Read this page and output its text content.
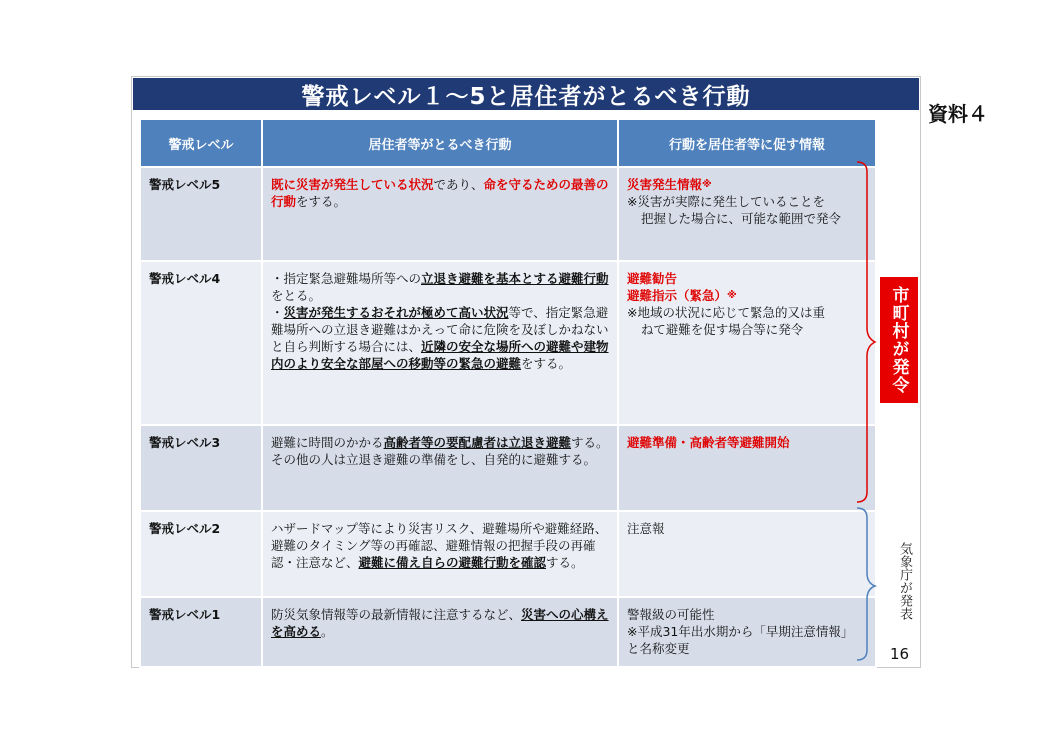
警戒レベル１～5と居住者がとるべき行動
資料４
警戒レベル	居住者等がとるべき行動	行動を居住者等に促す情報
警戒レベル5	既に災害が発生している状況であり、命を守るための最善の行動をする。	災害発生情報※
※災害が実際に発生していることを
把握した場合に、可能な範囲で発令
警戒レベル4	・指定緊急避難場所等への立退き避難を基本とする避難行動をとる。
・災害が発生するおそれが極めて高い状況等で、指定緊急避難場所への立退き避難はかえって命に危険を及ぼしかねないと自ら判断する場合には、近隣の安全な場所への避難や建物内のより安全な部屋への移動等の緊急の避難をする。	避難勧告
避難指示（緊急）※
※地域の状況に応じて緊急的又は重
ねて避難を促す場合等に発令
警戒レベル3	避難に時間のかかる高齢者等の要配慮者は立退き避難する。その他の人は立退き避難の準備をし、自発的に避難する。	避難準備・高齢者等避難開始
警戒レベル2	ハザードマップ等により災害リスク、避難場所や避難経路、避難のタイミング等の再確認、避難情報の把握手段の再確認・注意など、避難に備え自らの避難行動を確認する。	注意報
警戒レベル1	防災気象情報等の最新情報に注意するなど、災害への心構えを高める。	警報級の可能性
※平成31年出水期から「早期注意情報」
と名称変更
市町村が発令
気象庁が発表
16
